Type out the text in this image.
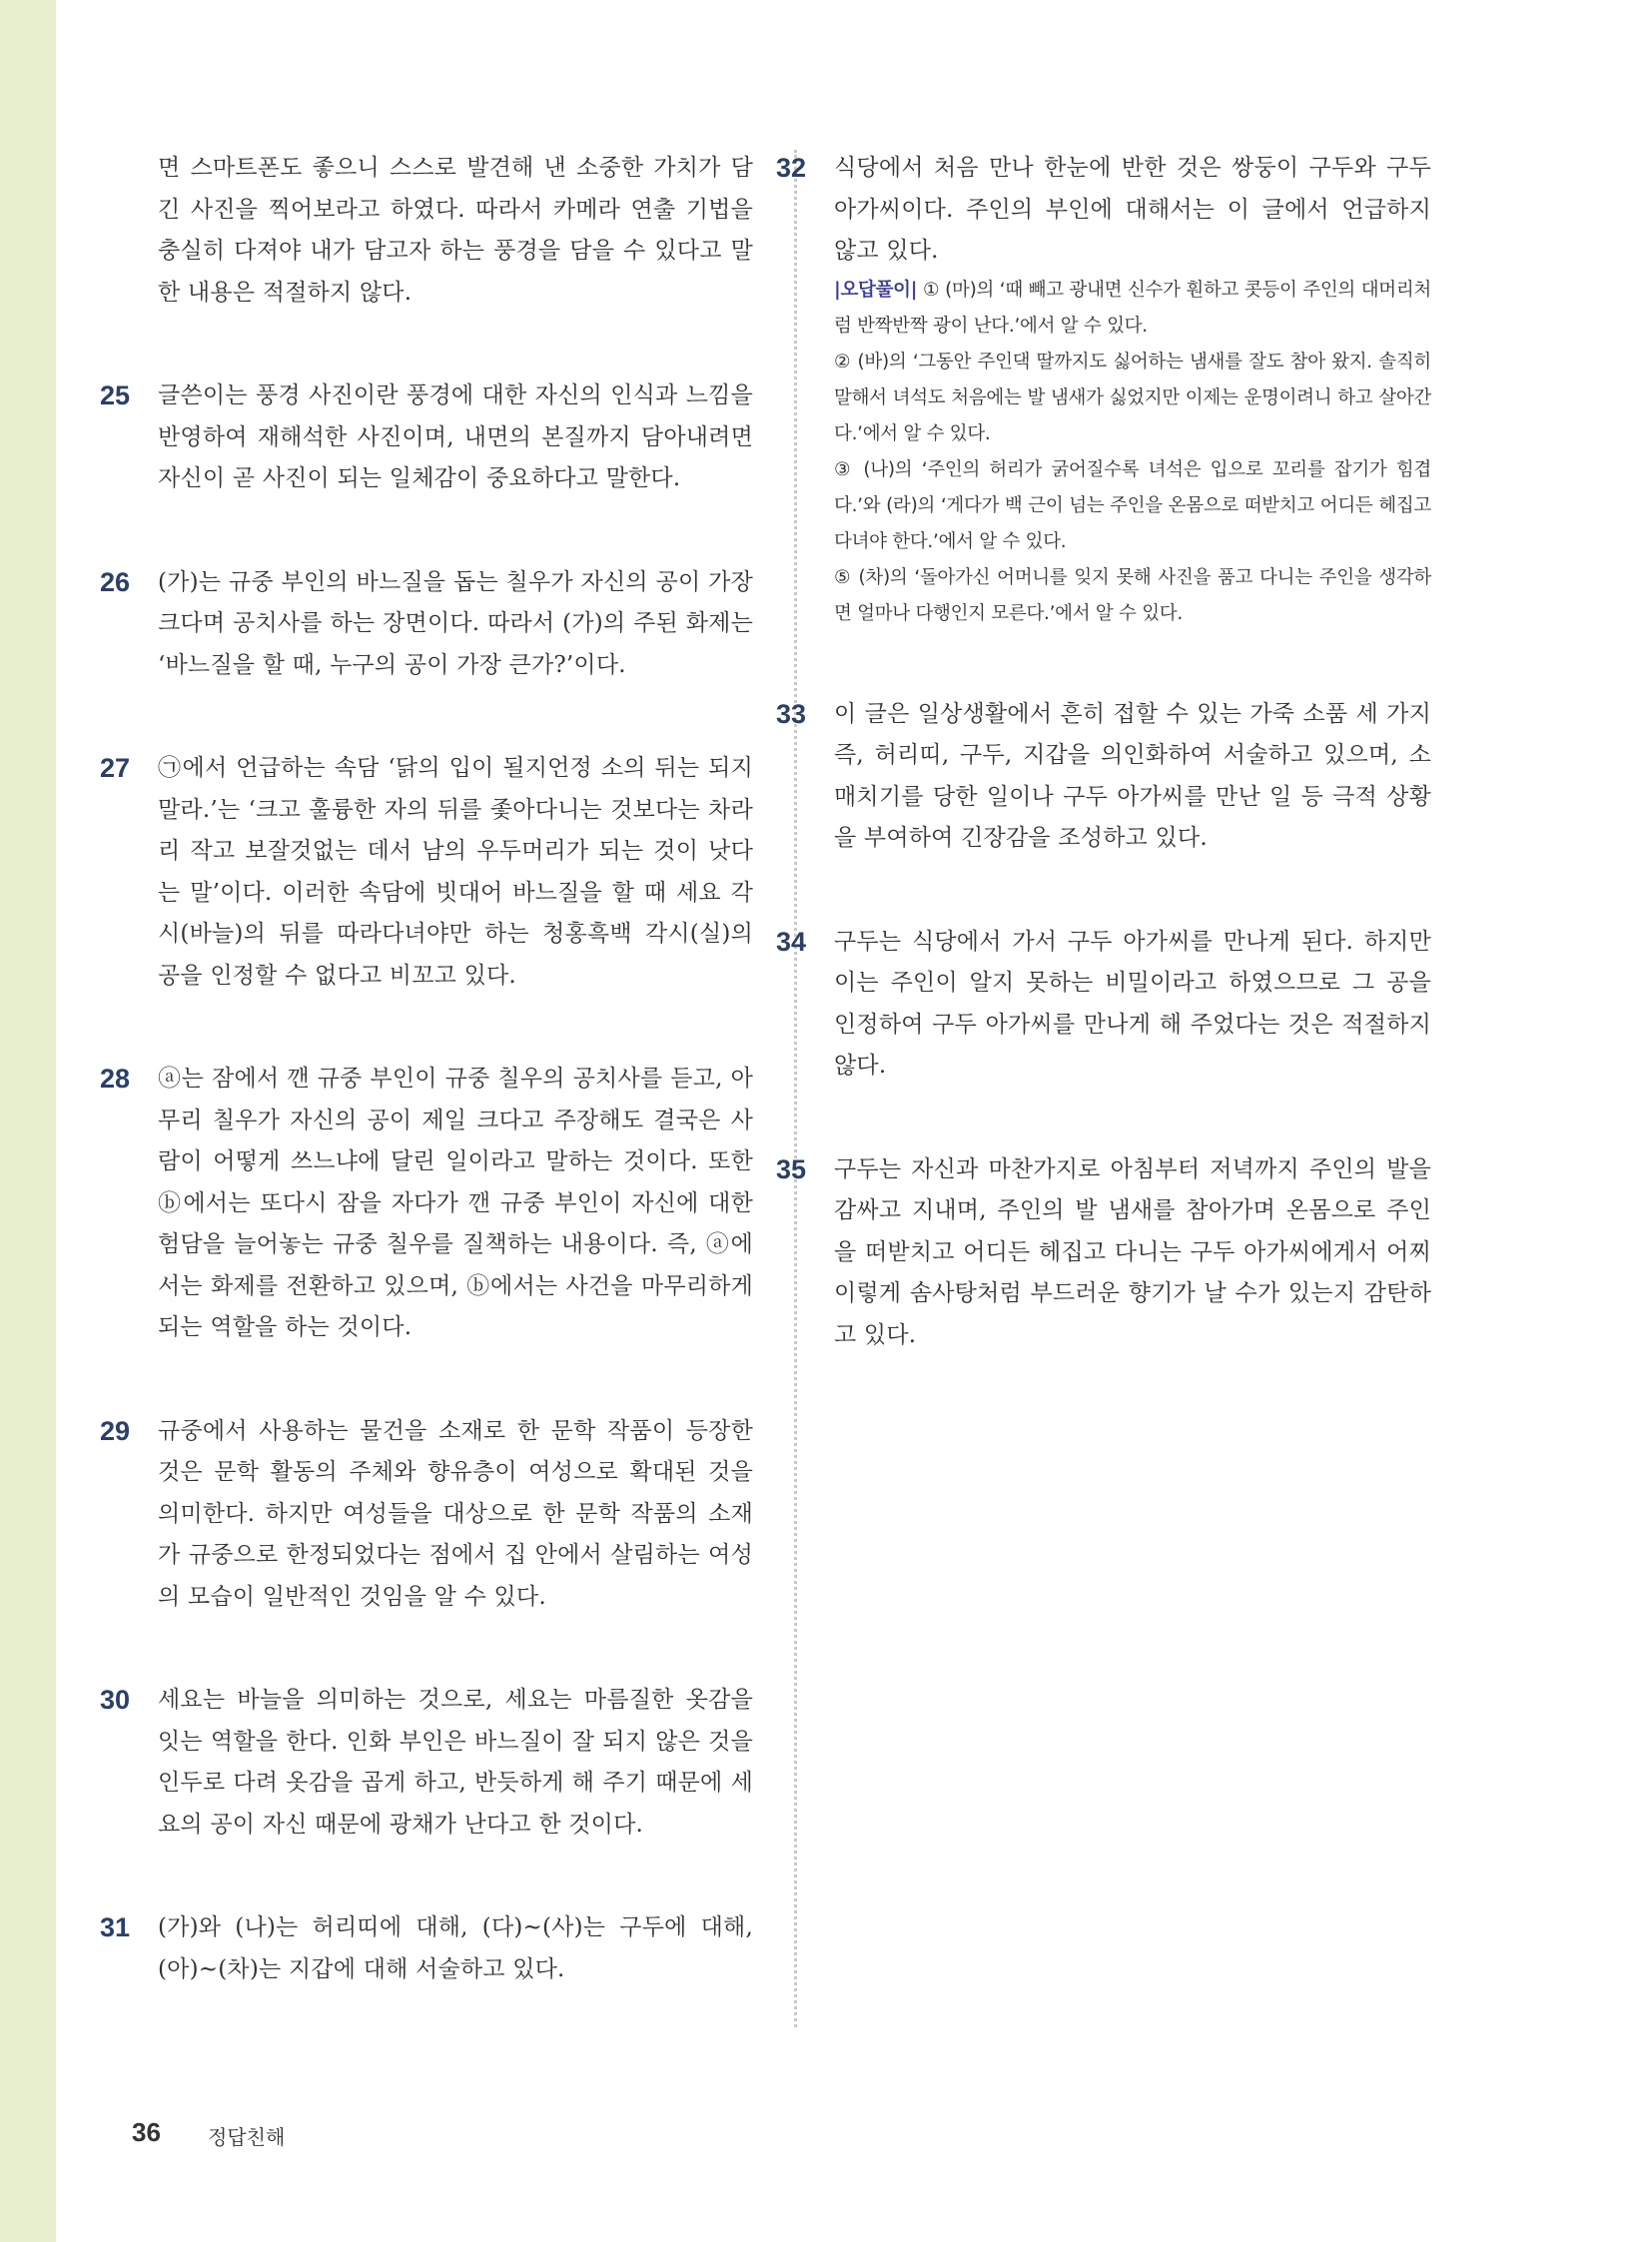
면 스마트폰도 좋으니 스스로 발견해 낸 소중한 가치가 담긴 사진을 찍어보라고 하였다. 따라서 카메라 연출 기법을 충실히 다져야 내가 담고자 하는 풍경을 담을 수 있다고 말한 내용은 적절하지 않다.

25 글쓴이는 풍경 사진이란 풍경에 대한 자신의 인식과 느낌을 반영하여 재해석한 사진이며, 내면의 본질까지 담아내려면 자신이 곧 사진이 되는 일체감이 중요하다고 말한다.

26 (가)는 규중 부인의 바느질을 돕는 칠우가 자신의 공이 가장 크다며 공치사를 하는 장면이다. 따라서 (가)의 주된 화제는 ‘바느질을 할 때, 누구의 공이 가장 큰가?’이다.

27 ㉠에서 언급하는 속담 ‘닭의 입이 될지언정 소의 뒤는 되지 말라.’는 ‘크고 훌륭한 자의 뒤를 좇아다니는 것보다는 차라리 작고 보잘것없는 데서 남의 우두머리가 되는 것이 낫다는 말’이다. 이러한 속담에 빗대어 바느질을 할 때 세요 각시(바늘)의 뒤를 따라다녀야만 하는 청홍흑백 각시(실)의 공을 인정할 수 없다고 비꼬고 있다.

28 ⓐ는 잠에서 깬 규중 부인이 규중 칠우의 공치사를 듣고, 아무리 칠우가 자신의 공이 제일 크다고 주장해도 결국은 사람이 어떻게 쓰느냐에 달린 일이라고 말하는 것이다. 또한 ⓑ에서는 또다시 잠을 자다가 깬 규중 부인이 자신에 대한 험담을 늘어놓는 규중 칠우를 질책하는 내용이다. 즉, ⓐ에서는 화제를 전환하고 있으며, ⓑ에서는 사건을 마무리하게 되는 역할을 하는 것이다.

29 규중에서 사용하는 물건을 소재로 한 문학 작품이 등장한 것은 문학 활동의 주체와 향유층이 여성으로 확대된 것을 의미한다. 하지만 여성들을 대상으로 한 문학 작품의 소재가 규중으로 한정되었다는 점에서 집 안에서 살림하는 여성의 모습이 일반적인 것임을 알 수 있다.

30 세요는 바늘을 의미하는 것으로, 세요는 마름질한 옷감을 잇는 역할을 한다. 인화 부인은 바느질이 잘 되지 않은 것을 인두로 다려 옷감을 곱게 하고, 반듯하게 해 주기 때문에 세요의 공이 자신 때문에 광채가 난다고 한 것이다.

31 (가)와 (나)는 허리띠에 대해, (다)~(사)는 구두에 대해, (아)~(차)는 지갑에 대해 서술하고 있다.

32 식당에서 처음 만나 한눈에 반한 것은 쌍둥이 구두와 구두 아가씨이다. 주인의 부인에 대해서는 이 글에서 언급하지 않고 있다.

|오답풀이| ① (마)의 ‘때 빼고 광내면 신수가 훤하고 콧등이 주인의 대머리처럼 반짝반짝 광이 난다.’에서 알 수 있다.

② (바)의 ‘그동안 주인댁 딸까지도 싫어하는 냄새를 잘도 참아 왔지. 솔직히 말해서 녀석도 처음에는 발 냄새가 싫었지만 이제는 운명이려니 하고 살아간다.’에서 알 수 있다.

③ (나)의 ‘주인의 허리가 굵어질수록 녀석은 입으로 꼬리를 잡기가 힘겹다.’와 (라)의 ‘게다가 백 근이 넘는 주인을 온몸으로 떠받치고 어디든 헤집고 다녀야 한다.’에서 알 수 있다.

⑤ (차)의 ‘돌아가신 어머니를 잊지 못해 사진을 품고 다니는 주인을 생각하면 얼마나 다행인지 모른다.’에서 알 수 있다.

33 이 글은 일상생활에서 흔히 접할 수 있는 가죽 소품 세 가지 즉, 허리띠, 구두, 지갑을 의인화하여 서술하고 있으며, 소매치기를 당한 일이나 구두 아가씨를 만난 일 등 극적 상황을 부여하여 긴장감을 조성하고 있다.

34 구두는 식당에서 가서 구두 아가씨를 만나게 된다. 하지만 이는 주인이 알지 못하는 비밀이라고 하였으므로 그 공을 인정하여 구두 아가씨를 만나게 해 주었다는 것은 적절하지 않다.

35 구두는 자신과 마찬가지로 아침부터 저녁까지 주인의 발을 감싸고 지내며, 주인의 발 냄새를 참아가며 온몸으로 주인을 떠받치고 어디든 헤집고 다니는 구두 아가씨에게서 어찌 이렇게 솜사탕처럼 부드러운 향기가 날 수가 있는지 감탄하고 있다.

36 정답친해
